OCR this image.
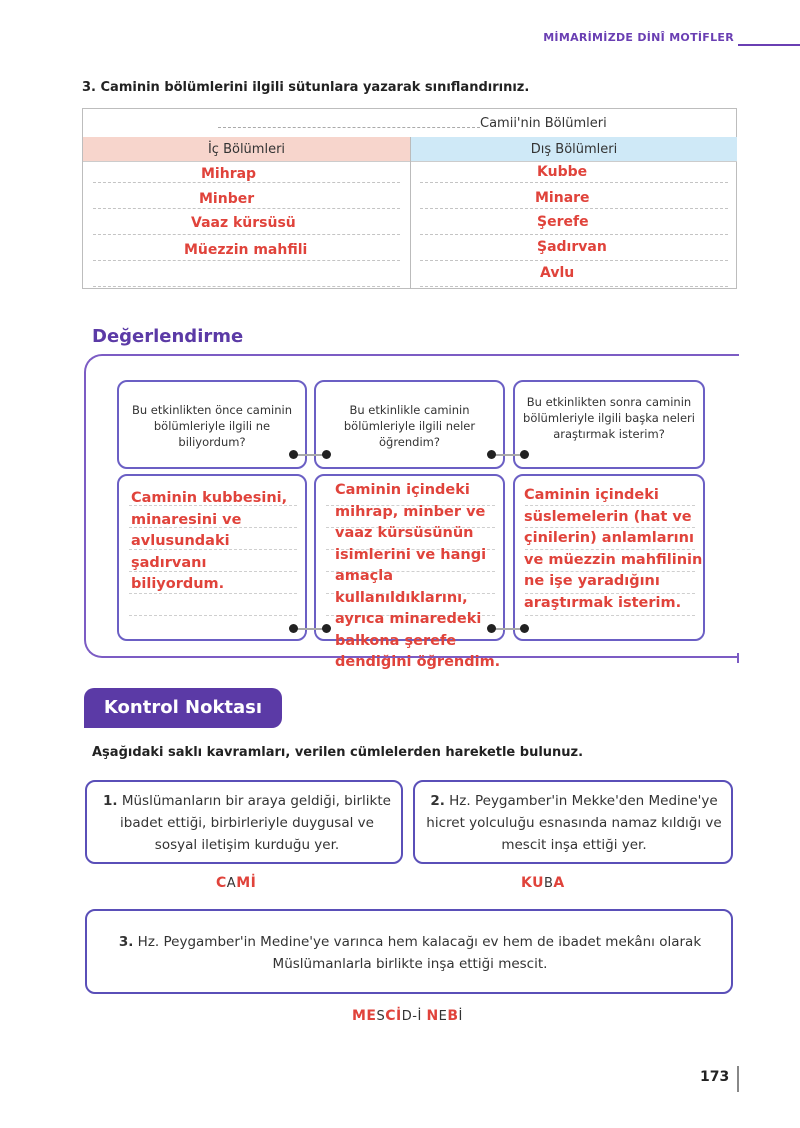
MİMARİMİZDE DİNÎ MOTİFLER
3. Caminin bölümlerini ilgili sütunlara yazarak sınıflandırınız.
Camii'nin Bölümleri
İç Bölümleri	Dış Bölümleri
Mihrap
Minber
Vaaz kürsüsü
Müezzin mahfili
Kubbe
Minare
Şerefe
Şadırvan
Avlu
Değerlendirme
Bu etkinlikten önce caminin bölümleriyle ilgili ne biliyordum?
Bu etkinlikle caminin bölümleriyle ilgili neler öğrendim?
Bu etkinlikten sonra caminin bölümleriyle ilgili başka neleri araştırmak isterim?
Caminin kubbesini, minaresini ve avlusundaki şadırvanı biliyordum.
Caminin içindeki mihrap, minber ve vaaz kürsüsünün isimlerini ve hangi amaçla kullanıldıklarını, ayrıca minaredeki balkona şerefe dendiğini öğrendim.
Caminin içindeki süslemelerin (hat ve çinilerin) anlamlarını ve müezzin mahfilinin ne işe yaradığını araştırmak isterim.
Kontrol Noktası
Aşağıdaki saklı kavramları, verilen cümlelerden hareketle bulunuz.
1. Müslümanların bir araya geldiği, birlikte ibadet ettiği, birbirleriyle duygusal ve sosyal iletişim kurduğu yer.
2. Hz. Peygamber'in Mekke'den Medine'ye hicret yolculuğu esnasında namaz kıldığı ve mescit inşa ettiği yer.
CAMİ	KUBA
3. Hz. Peygamber'in Medine'ye varınca hem kalacağı ev hem de ibadet mekânı olarak Müslümanlarla birlikte inşa ettiği mescit.
MESCİD-İ NEBİ
173
